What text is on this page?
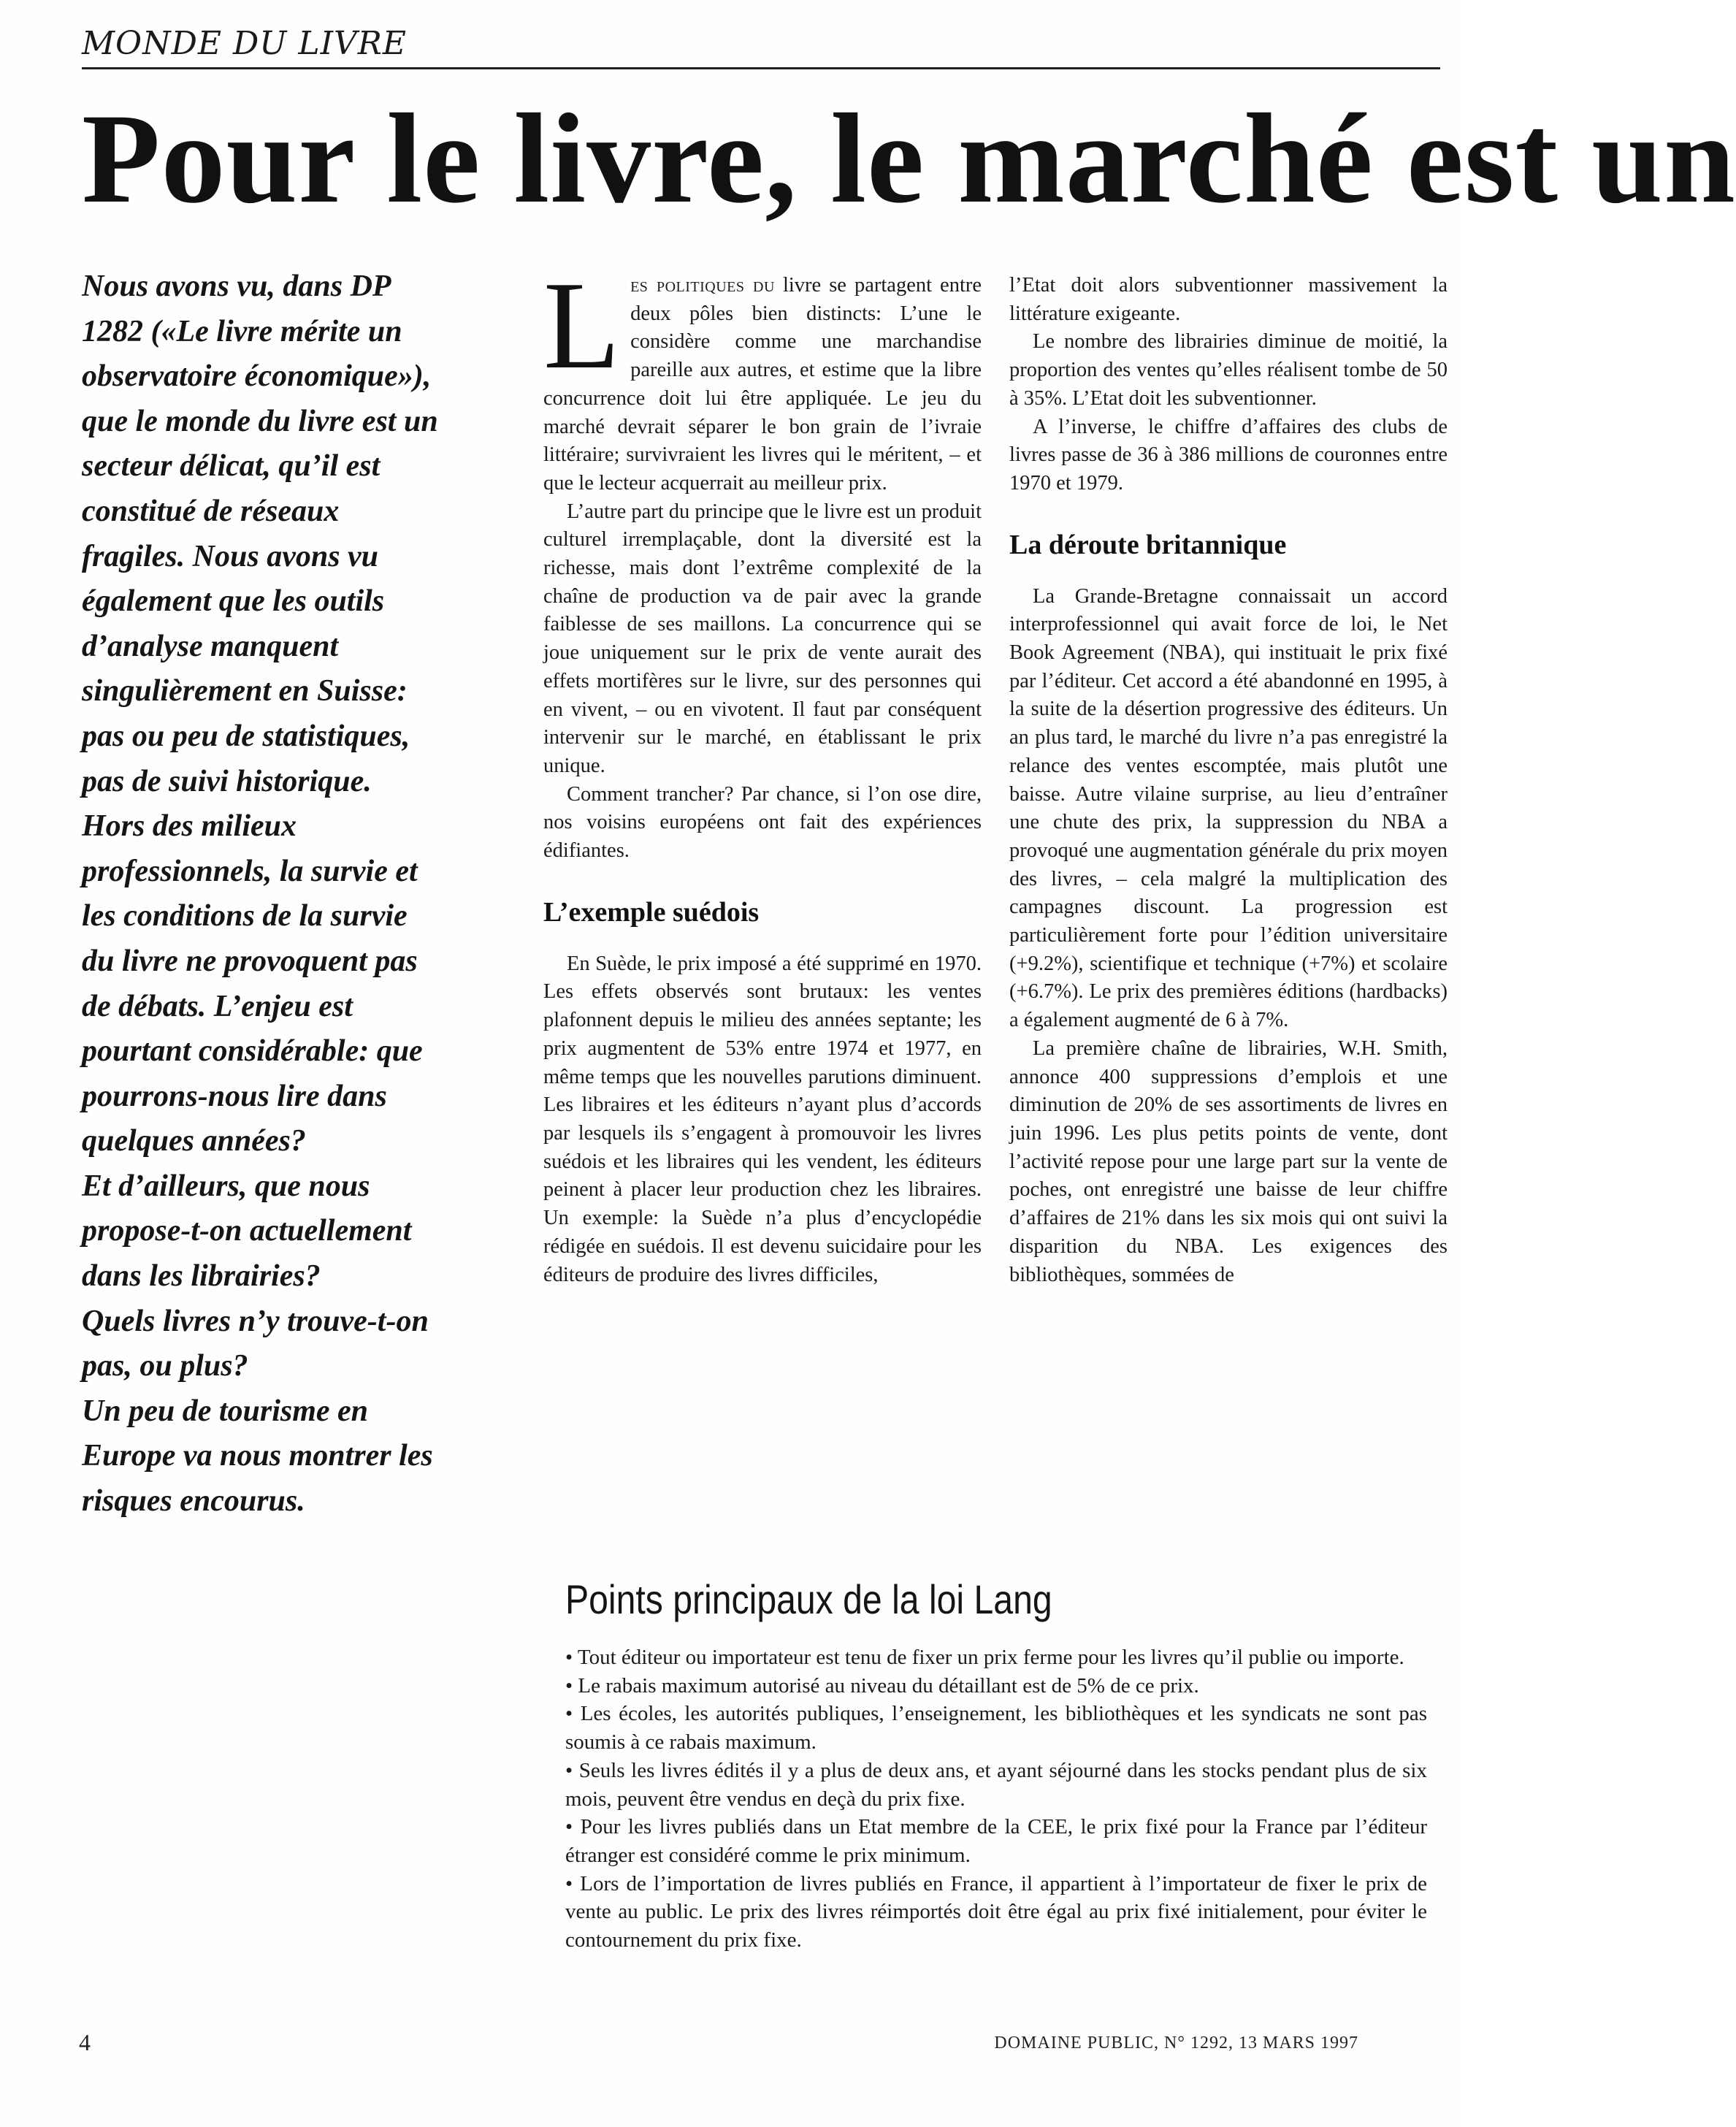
MONDE DU LIVRE
Pour le livre, le marché est un
Nous avons vu, dans DP
1282 («Le livre mérite un
observatoire économique»),
que le monde du livre est un
secteur délicat, qu’il est
constitué de réseaux
fragiles. Nous avons vu
également que les outils
d’analyse manquent
singulièrement en Suisse:
pas ou peu de statistiques,
pas de suivi historique.
Hors des milieux
professionnels, la survie et
les conditions de la survie
du livre ne provoquent pas
de débats. L’enjeu est
pourtant considérable: que
pourrons-nous lire dans
quelques années?
Et d’ailleurs, que nous
propose-t-on actuellement
dans les librairies?
Quels livres n’y trouve-t-on
pas, ou plus?
Un peu de tourisme en
Europe va nous montrer les
risques encourus.

Les politiques du livre se partagent entre deux pôles bien distincts: L’une le considère comme une marchandise pareille aux autres, et estime que la libre concurrence doit lui être appliquée. Le jeu du marché devrait séparer le bon grain de l’ivraie littéraire; survivraient les livres qui le méritent, – et que le lecteur acquerrait au meilleur prix.

L’autre part du principe que le livre est un produit culturel irremplaçable, dont la diversité est la richesse, mais dont l’extrême complexité de la chaîne de production va de pair avec la grande faiblesse de ses maillons. La concurrence qui se joue uniquement sur le prix de vente aurait des effets mortifères sur le livre, sur des personnes qui en vivent, – ou en vivotent. Il faut par conséquent intervenir sur le marché, en établissant le prix unique.

Comment trancher? Par chance, si l’on ose dire, nos voisins européens ont fait des expériences édifiantes.

L’exemple suédois

En Suède, le prix imposé a été supprimé en 1970. Les effets observés sont brutaux: les ventes plafonnent depuis le milieu des années septante; les prix augmentent de 53% entre 1974 et 1977, en même temps que les nouvelles parutions diminuent. Les libraires et les éditeurs n’ayant plus d’accords par lesquels ils s’engagent à promouvoir les livres suédois et les libraires qui les vendent, les éditeurs peinent à placer leur production chez les libraires. Un exemple: la Suède n’a plus d’encyclopédie rédigée en suédois. Il est devenu suicidaire pour les éditeurs de produire des livres difficiles,

l’Etat doit alors subventionner massivement la littérature exigeante.

Le nombre des librairies diminue de moitié, la proportion des ventes qu’elles réalisent tombe de 50 à 35%. L’Etat doit les subventionner.

A l’inverse, le chiffre d’affaires des clubs de livres passe de 36 à 386 millions de couronnes entre 1970 et 1979.

La déroute britannique

La Grande-Bretagne connaissait un accord interprofessionnel qui avait force de loi, le Net Book Agreement (NBA), qui instituait le prix fixé par l’éditeur. Cet accord a été abandonné en 1995, à la suite de la désertion progressive des éditeurs. Un an plus tard, le marché du livre n’a pas enregistré la relance des ventes escomptée, mais plutôt une baisse. Autre vilaine surprise, au lieu d’entraîner une chute des prix, la suppression du NBA a provoqué une augmentation générale du prix moyen des livres, – cela malgré la multiplication des campagnes discount. La progression est particulièrement forte pour l’édition universitaire (+9.2%), scientifique et technique (+7%) et scolaire (+6.7%). Le prix des premières éditions (hardbacks) a également augmenté de 6 à 7%.

La première chaîne de librairies, W.H. Smith, annonce 400 suppressions d’emplois et une diminution de 20% de ses assortiments de livres en juin 1996. Les plus petits points de vente, dont l’activité repose pour une large part sur la vente de poches, ont enregistré une baisse de leur chiffre d’affaires de 21% dans les six mois qui ont suivi la disparition du NBA. Les exigences des bibliothèques, sommées de

Points principaux de la loi Lang
• Tout éditeur ou importateur est tenu de fixer un prix ferme pour les livres qu’il publie ou importe.
• Le rabais maximum autorisé au niveau du détaillant est de 5% de ce prix.
• Les écoles, les autorités publiques, l’enseignement, les bibliothèques et les syndicats ne sont pas soumis à ce rabais maximum.
• Seuls les livres édités il y a plus de deux ans, et ayant séjourné dans les stocks pendant plus de six mois, peuvent être vendus en deçà du prix fixe.
• Pour les livres publiés dans un Etat membre de la CEE, le prix fixé pour la France par l’éditeur étranger est considéré comme le prix minimum.
• Lors de l’importation de livres publiés en France, il appartient à l’importateur de fixer le prix de vente au public. Le prix des livres réimportés doit être égal au prix fixé initialement, pour éviter le contournement du prix fixe.
4	DOMAINE PUBLIC, N° 1292, 13 MARS 1997
